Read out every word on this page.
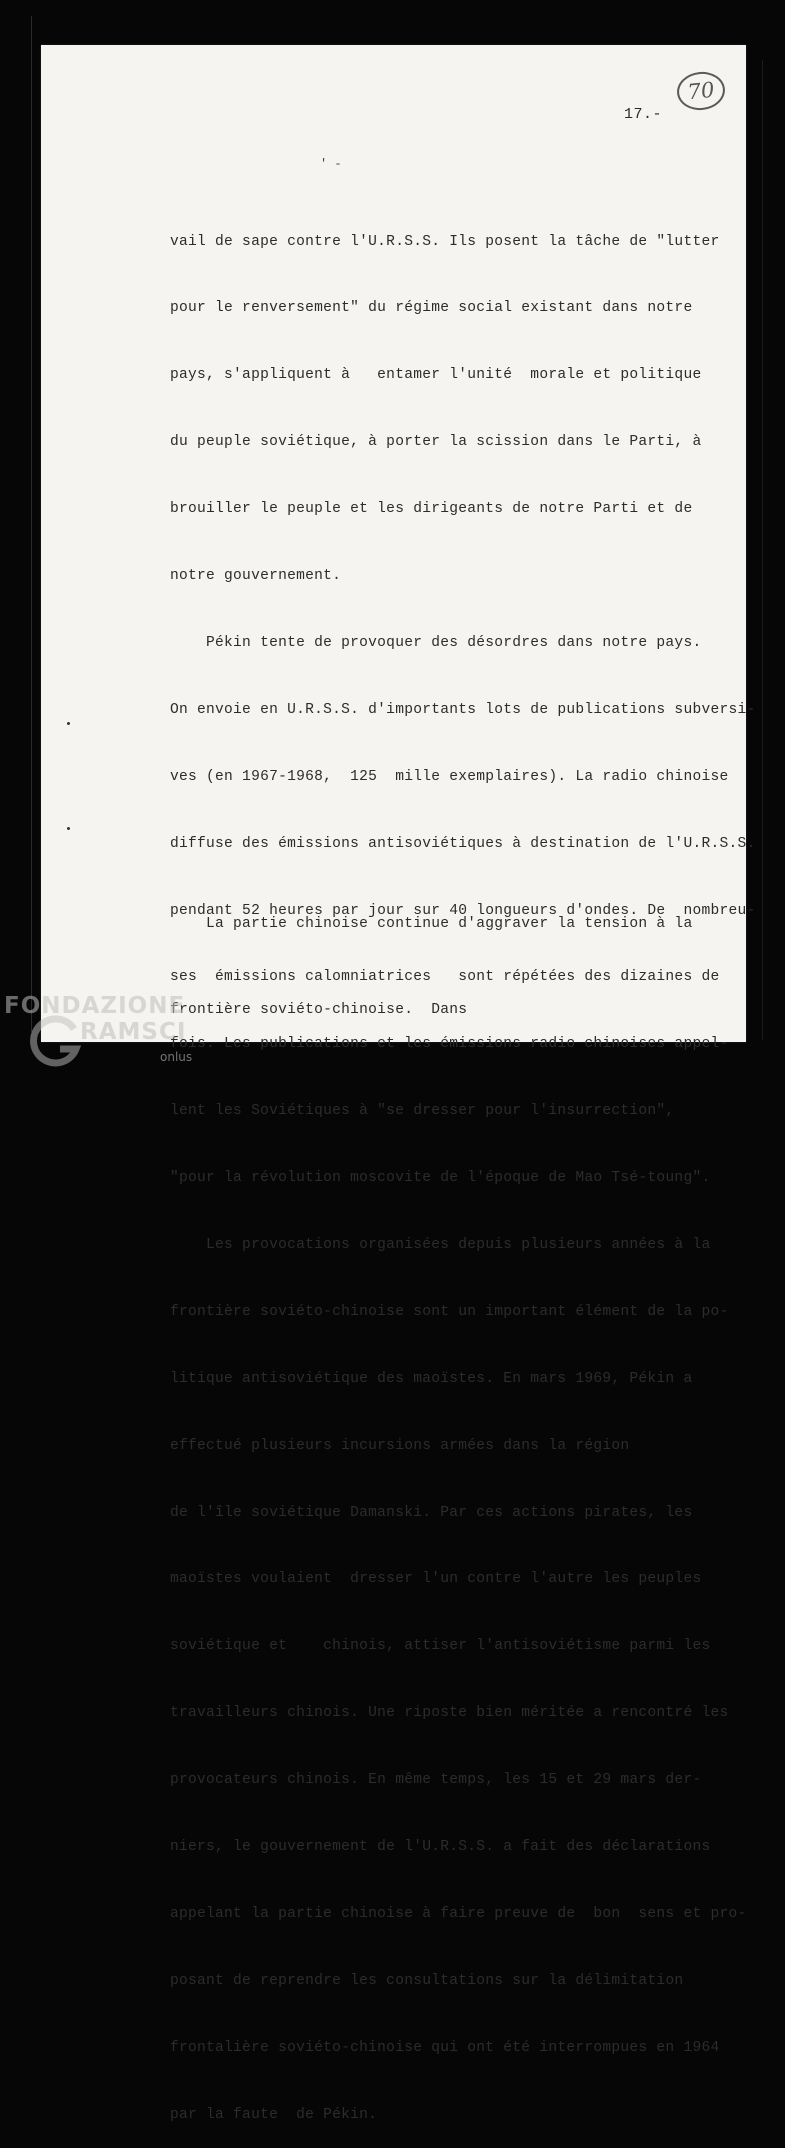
70
17.-
' -

vail de sape contre l'U.R.S.S. Ils posent la tâche de "lutter

pour le renversement" du régime social existant dans notre

pays, s'appliquent à   entamer l'unité  morale et politique

du peuple soviétique, à porter la scission dans le Parti, à

brouiller le peuple et les dirigeants de notre Parti et de

notre gouvernement.

Pékin tente de provoquer des désordres dans notre pays.

On envoie en U.R.S.S. d'importants lots de publications subversi-

ves (en 1967-1968,  125  mille exemplaires). La radio chinoise

diffuse des émissions antisoviétiques à destination de l'U.R.S.S.

pendant 52 heures par jour sur 40 longueurs d'ondes. De  nombreu-

ses  émissions calomniatrices   sont répétées des dizaines de

fois. Les publications et les émissions radio chinoises appel-

lent les Soviétiques à "se dresser pour l'insurrection",

"pour la révolution moscovite de l'époque de Mao Tsé-toung".

Les provocations organisées depuis plusieurs années à la

frontière soviéto-chinoise sont un important élément de la po-

litique antisoviétique des maoïstes. En mars 1969, Pékin a

effectué plusieurs incursions armées dans la région

de l'île soviétique Damanski. Par ces actions pirates, les

maoïstes voulaient  dresser l'un contre l'autre les peuples

soviétique et    chinois, attiser l'antisoviétisme parmi les

travailleurs chinois. Une riposte bien méritée a rencontré les

provocateurs chinois. En même temps, les 15 et 29 mars der-

niers, le gouvernement de l'U.R.S.S. a fait des déclarations

appelant la partie chinoise à faire preuve de  bon  sens et pro-

posant de reprendre les consultations sur la délimitation

frontalière soviéto-chinoise qui ont été interrompues en 1964

par la faute  de Pékin.

La partie chinoise continue d'aggraver la tension à la

frontière soviéto-chinoise.  Dans

FONDAZIONE
RAMSCI
onlus
